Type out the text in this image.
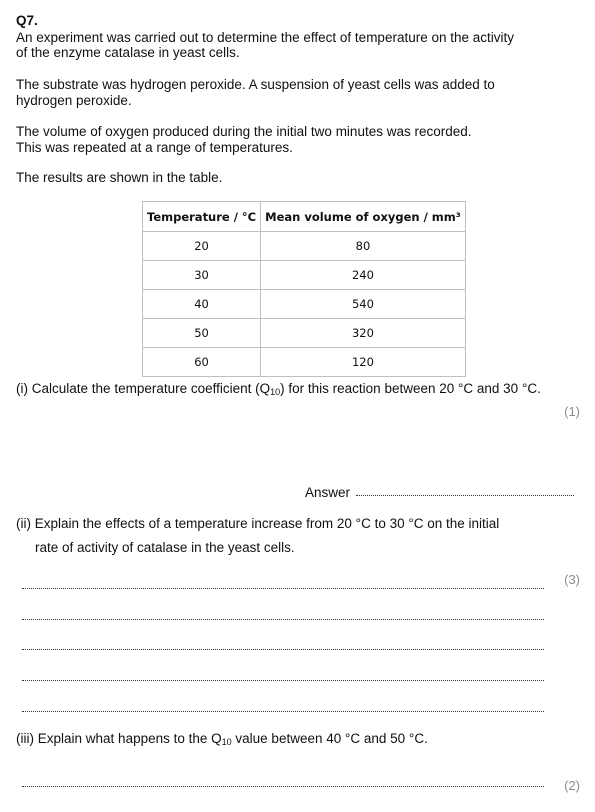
Q7.
An experiment was carried out to determine the effect of temperature on the activity
of the enzyme catalase in yeast cells.
The substrate was hydrogen peroxide. A suspension of yeast cells was added to
hydrogen peroxide.
The volume of oxygen produced during the initial two minutes was recorded.
This was repeated at a range of temperatures.
The results are shown in the table.
Temperature / °C	Mean volume of oxygen / mm³
20	80
30	240
40	540
50	320
60	120
(i) Calculate the temperature coefficient $(Q_{10})$ for this reaction between 20 °C and 30 °C.
(1)
Answer
(ii) Explain the effects of a temperature increase from 20 °C to 30 °C on the initial
rate of activity of catalase in the yeast cells.
(3)
(iii) Explain what happens to the $Q_{10}$ value between 40 °C and 50 °C.
(2)
